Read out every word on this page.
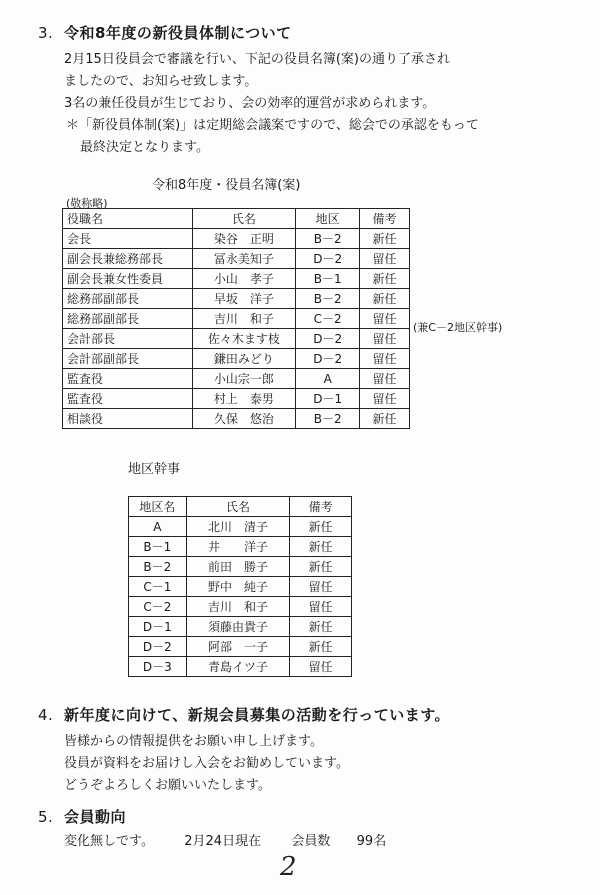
3. 令和8年度の新役員体制について
2月15日役員会で審議を行い、下記の役員名簿(案)の通り了承され
ましたので、お知らせ致します。
3名の兼任役員が生じており、会の効率的運営が求められます。
＊「新役員体制(案)」は定期総会議案ですので、総会での承認をもって
最終決定となります。
令和8年度・役員名簿(案)
(敬称略)
役職名	氏名	地区	備考
会長	染谷　正明	B－2	新任
副会長兼総務部長	冨永美知子	D－2	留任
副会長兼女性委員	小山　孝子	B－1	新任
総務部副部長	早坂　洋子	B－2	新任
総務部副部長	吉川　和子	C－2	留任
会計部長	佐々木ます枝	D－2	留任
会計部副部長	鎌田みどり	D－2	留任
監査役	小山宗一郎	A	留任
監査役	村上　泰男	D－1	留任
相談役	久保　悠治	B－2	新任
(兼C－2地区幹事)
地区幹事
地区名	氏名	備考
A	北川　清子	新任
B－1	井　　洋子	新任
B－2	前田　勝子	新任
C－1	野中　純子	留任
C－2	吉川　和子	留任
D－1	須藤由貴子	新任
D－2	阿部　一子	新任
D－3	青島イツ子	留任
4. 新年度に向けて、新規会員募集の活動を行っています。
皆様からの情報提供をお願い申し上げます。
役員が資料をお届けし入会をお勧めしています。
どうぞよろしくお願いいたします。
5. 会員動向
変化無しです。 2月24日現在 会員数 99名
2
